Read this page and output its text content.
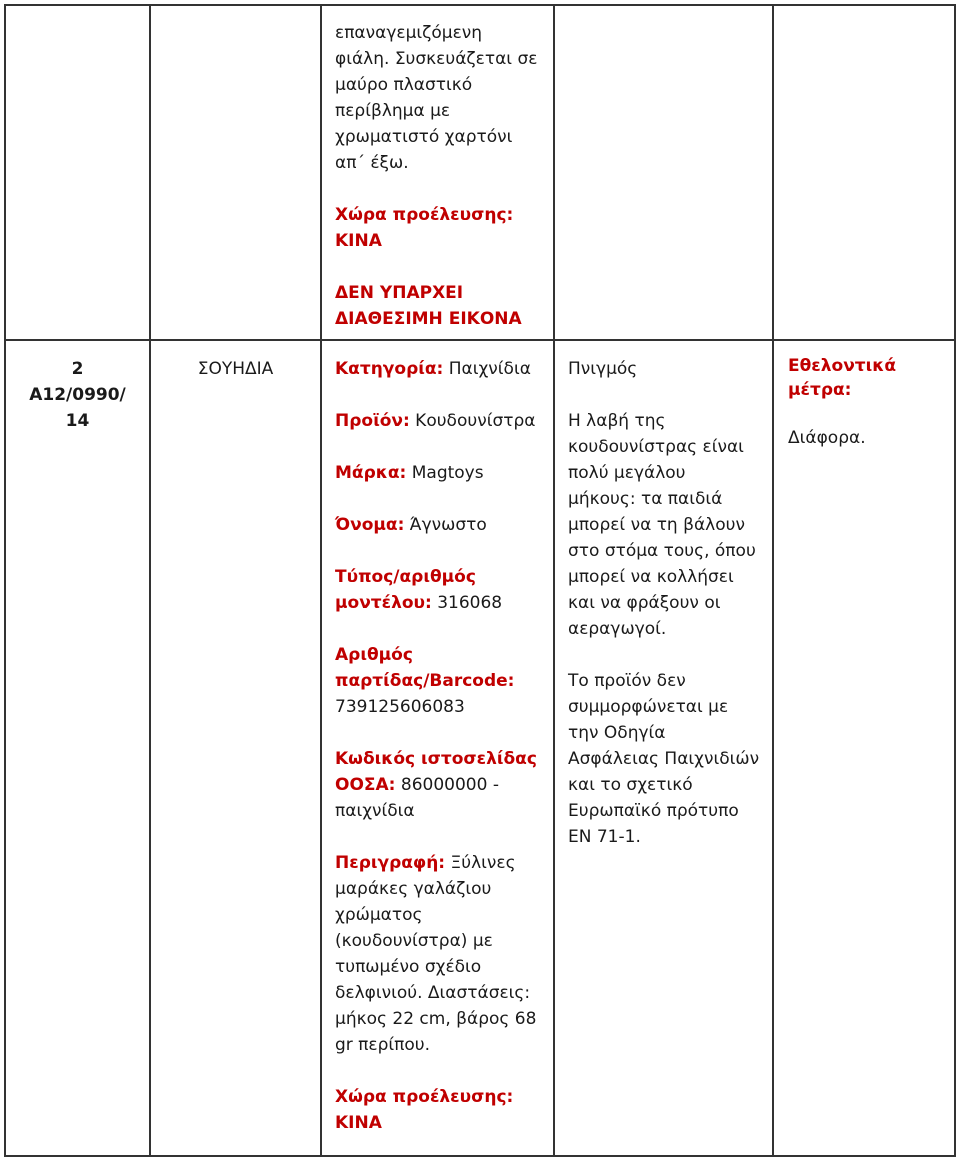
επαναγεμιζόμενη

φιάλη. Συσκευάζεται σε

μαύρο πλαστικό

περίβλημα με

χρωματιστό χαρτόνι

απ΄ έξω.

Χώρα προέλευσης:

ΚΙΝΑ

ΔΕΝ ΥΠΑΡΧΕΙ

ΔΙΑΘΕΣΙΜΗ ΕΙΚΟΝΑ

2

Α12/0990/

14

ΣΟΥΗΔΙΑ	Κατηγορία: Παιχνίδια

Προϊόν: Κουδουνίστρα

Μάρκα: Magtoys

Όνομα: Άγνωστο

Τύπος/αριθμός

μοντέλου: 316068

Αριθμός

παρτίδας/Barcode:

739125606083

Κωδικός ιστοσελίδας

ΟΟΣΑ: 86000000 -

παιχνίδια

Περιγραφή: Ξύλινες

μαράκες γαλάζιου

χρώματος

(κουδουνίστρα) με

τυπωμένο σχέδιο

δελφινιού. Διαστάσεις:

μήκος 22 cm, βάρος 68

gr περίπου.

Χώρα προέλευσης:

ΚΙΝΑ

Πνιγμός

Η λαβή της

κουδουνίστρας είναι

πολύ μεγάλου

μήκους: τα παιδιά

μπορεί να τη βάλουν

στο στόμα τους, όπου

μπορεί να κολλήσει

και να φράξουν οι

αεραγωγοί.

Το προϊόν δεν

συμμορφώνεται με

την Οδηγία

Ασφάλειας Παιχνιδιών

και το σχετικό

Ευρωπαϊκό πρότυπο

ΕΝ 71-1.

Εθελοντικά

μέτρα:

Διάφορα.
